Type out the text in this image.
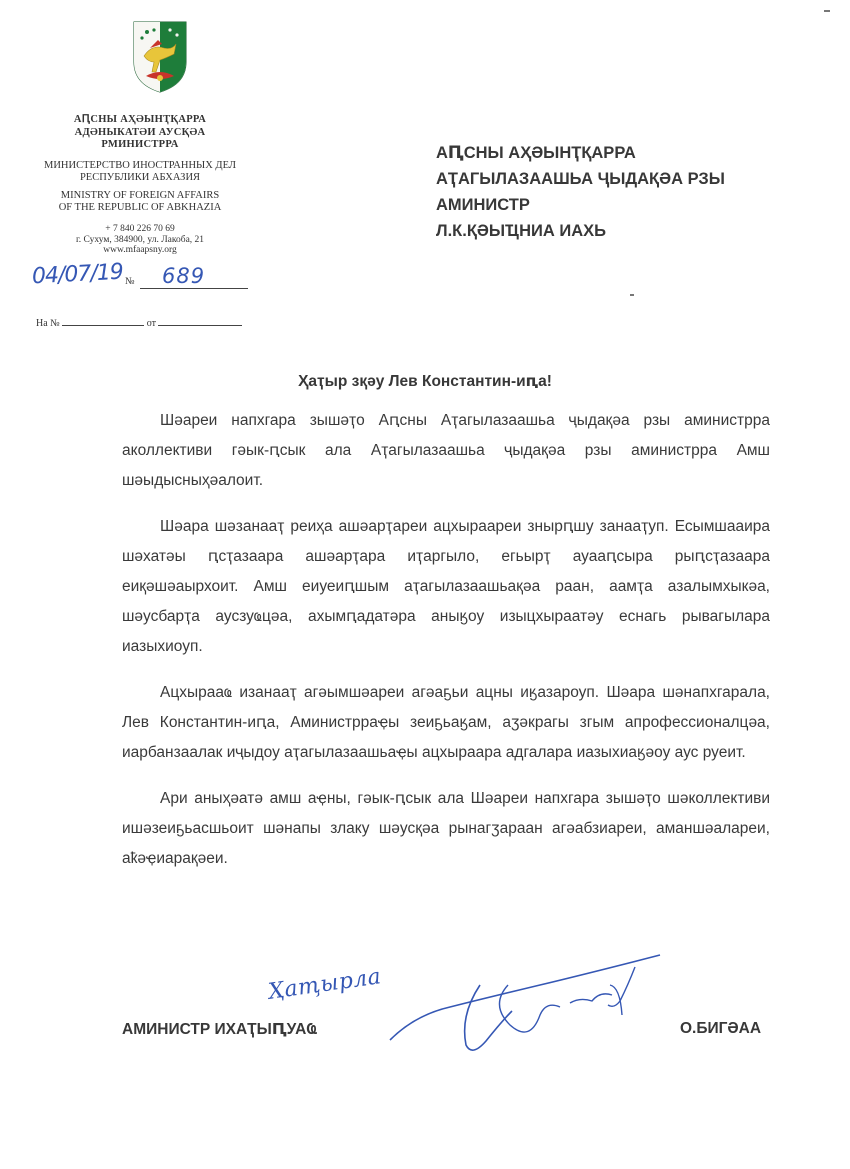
АԤСНЫ АҲӘЫНҬҚАРРА
АДӘНЫКАТӘИ АУСҚӘА
РМИНИСТРРА
МИНИСТЕРСТВО ИНОСТРАННЫХ ДЕЛ
РЕСПУБЛИКИ АБХАЗИЯ
MINISTRY OF FOREIGN AFFAIRS
OF THE REPUBLIC OF ABKHAZIA
+ 7 840 226 70 69
г. Сухум, 384900, ул. Лакоба, 21
www.mfaapsny.org
04/07/19 № 689
На №	от
АԤСНЫ АҲӘЫНҬҚАРРА
АҬАГЫЛАЗААШЬА ҶЫДАҚӘА РЗЫ
АМИНИСТР
Л.К.ҚӘЫҴНИА ИАХЬ
Ҳаҭыр зқәу Лев Константин-иԥа!

Шәареи напхгара зышәҭо Аԥсны Аҭагылазаашьа ҷыдақәа рзы аминистрра аколлективи гәык-ԥсык ала Аҭагылазаашьа ҷыдақәа рзы аминистрра Амш шәыдысныҳәалоит.

Шәара шәзанааҭ реиҳа ашәарҭареи ацхыраареи знырԥшу занааҭуп. Есымшааира шәхатәы ԥсҭазаара ашәарҭара иҭаргыло, егьырҭ ауааԥсыра рыԥсҭазаара еиқәшәаырхоит. Амш еиуеиԥшым аҭагылазаашьақәа раан, аамҭа азалымхыкәа, шәусбарҭа аусзуҩцәа, ахымԥадатәра аныӄоу изыцхыраатәу еснагь рывагылара иазыхиоуп.

Ацхырааҩ изанааҭ агәымшәареи агәаҕьи ацны иӄазароуп. Шәара шәнапхгарала, Лев Константин-иԥа, Аминистрраҿы зеиҕьаӄам, аӡәкрагы згым апрофессионалцәа, иарбанзаалак иҷыдоу аҭагылазаашьаҿы ацхыраара адгалара иазыхиаӄәоу аус руеит.

Ари аныҳәатә амш аҿны, гәык-ԥсык ала Шәареи напхгара зышәҭо шәколлективи ишәзеиҕьасшьоит шәнапы злаку шәусқәа рынагӡараан агәабзиареи, аманшәалареи, аҟәҿиарақәеи.

Ҳаҭырла
АМИНИСТР ИХАҬЫԤУАҨ	О.БИГӘАА
